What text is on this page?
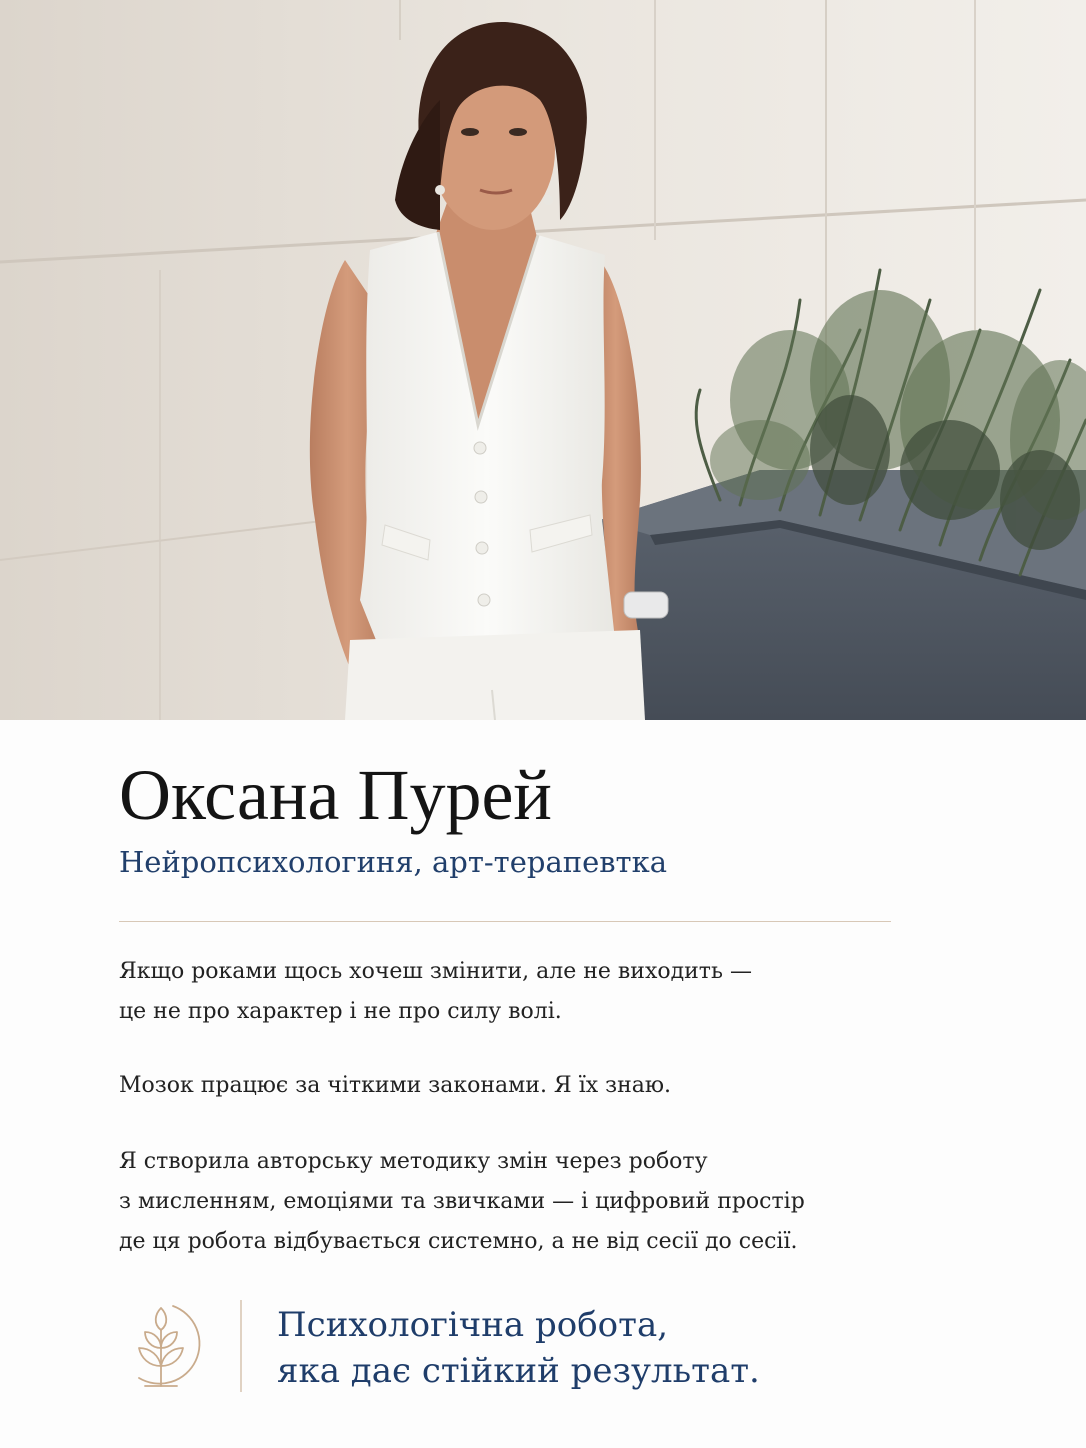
Оксана Пурей

Нейропсихологиня, арт-терапевтка

Якщо роками щось хочеш змінити, але не виходить —
це не про характер і не про силу волі.

Мозок працює за чіткими законами. Я їх знаю.

Я створила авторську методику змін через роботу
з мисленням, емоціями та звичками — і цифровий простір
де ця робота відбувається системно, а не від сесії до сесії.

Психологічна робота,
яка дає стійкий результат.
